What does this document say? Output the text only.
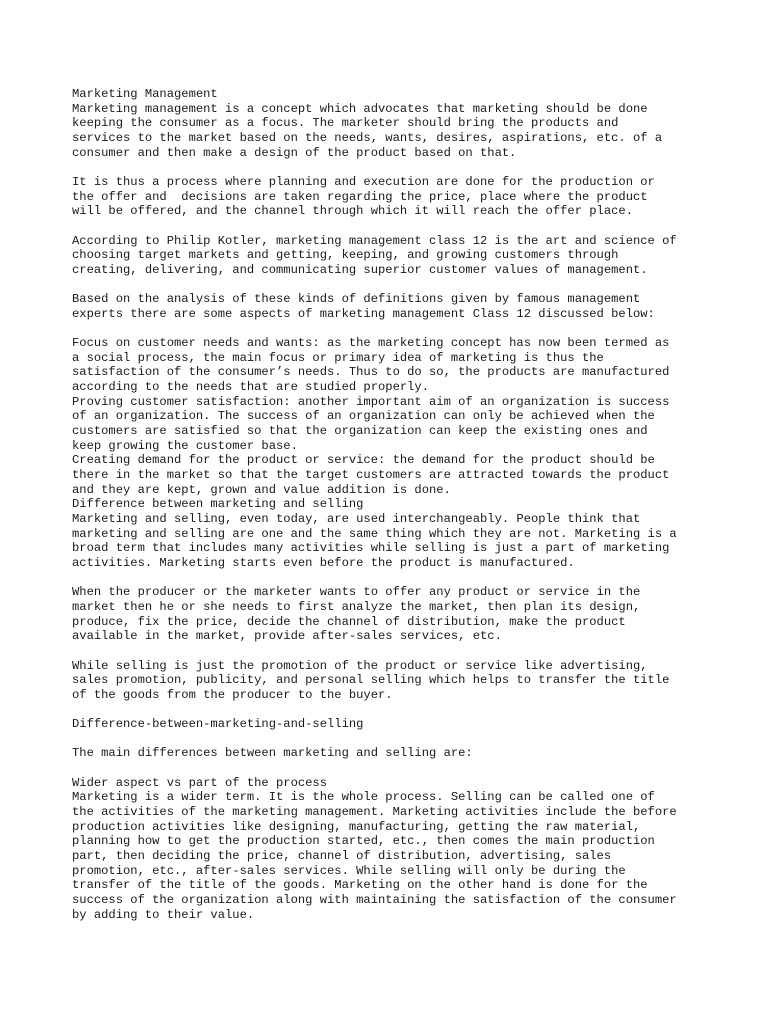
Marketing Management
Marketing management is a concept which advocates that marketing should be done
keeping the consumer as a focus. The marketer should bring the products and
services to the market based on the needs, wants, desires, aspirations, etc. of a
consumer and then make a design of the product based on that.
It is thus a process where planning and execution are done for the production or
the offer and  decisions are taken regarding the price, place where the product
will be offered, and the channel through which it will reach the offer place.
According to Philip Kotler, marketing management class 12 is the art and science of
choosing target markets and getting, keeping, and growing customers through
creating, delivering, and communicating superior customer values of management.
Based on the analysis of these kinds of definitions given by famous management
experts there are some aspects of marketing management Class 12 discussed below:
Focus on customer needs and wants: as the marketing concept has now been termed as
a social process, the main focus or primary idea of marketing is thus the
satisfaction of the consumer’s needs. Thus to do so, the products are manufactured
according to the needs that are studied properly.
Proving customer satisfaction: another important aim of an organization is success
of an organization. The success of an organization can only be achieved when the
customers are satisfied so that the organization can keep the existing ones and
keep growing the customer base.
Creating demand for the product or service: the demand for the product should be
there in the market so that the target customers are attracted towards the product
and they are kept, grown and value addition is done.
Difference between marketing and selling
Marketing and selling, even today, are used interchangeably. People think that
marketing and selling are one and the same thing which they are not. Marketing is a
broad term that includes many activities while selling is just a part of marketing
activities. Marketing starts even before the product is manufactured.
When the producer or the marketer wants to offer any product or service in the
market then he or she needs to first analyze the market, then plan its design,
produce, fix the price, decide the channel of distribution, make the product
available in the market, provide after-sales services, etc.
While selling is just the promotion of the product or service like advertising,
sales promotion, publicity, and personal selling which helps to transfer the title
of the goods from the producer to the buyer.
Difference-between-marketing-and-selling
The main differences between marketing and selling are:
Wider aspect vs part of the process
Marketing is a wider term. It is the whole process. Selling can be called one of
the activities of the marketing management. Marketing activities include the before
production activities like designing, manufacturing, getting the raw material,
planning how to get the production started, etc., then comes the main production
part, then deciding the price, channel of distribution, advertising, sales
promotion, etc., after-sales services. While selling will only be during the
transfer of the title of the goods. Marketing on the other hand is done for the
success of the organization along with maintaining the satisfaction of the consumer
by adding to their value.
